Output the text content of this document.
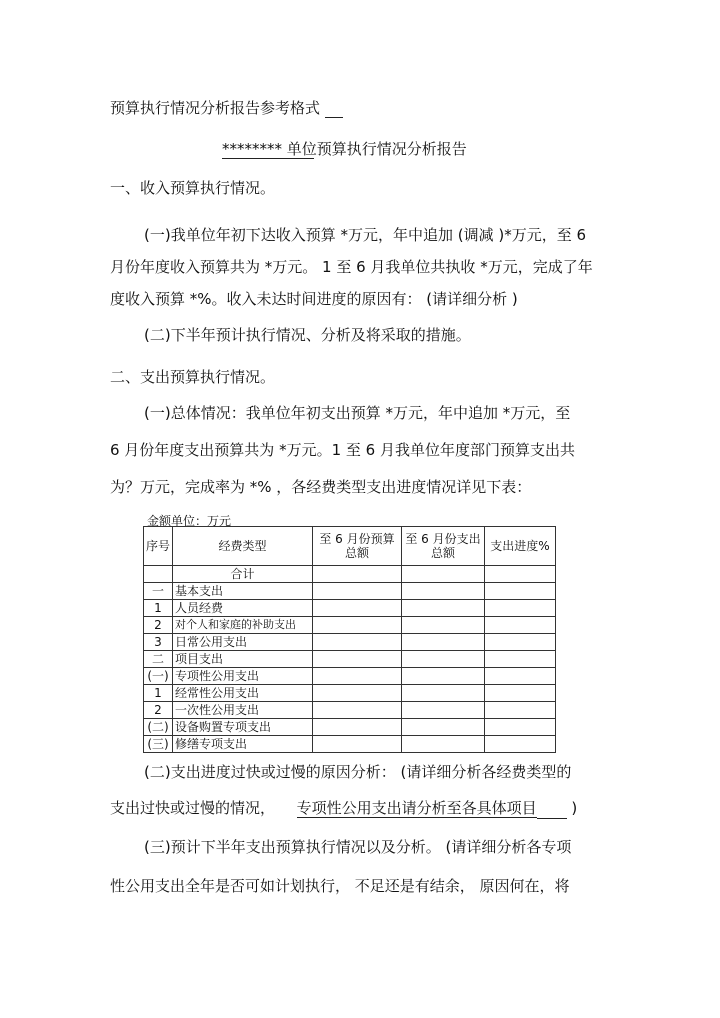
预算执行情况分析报告参考格式
******** 单位预算执行情况分析报告
一、收入预算执行情况。
(一)我单位年初下达收入预算 *万元，年中追加 (调减 )*万元，至 6
月份年度收入预算共为 *万元。 1 至 6 月我单位共执收 *万元，完成了年
度收入预算 *%。收入未达时间进度的原因有： (请详细分析 )
(二)下半年预计执行情况、分析及将采取的措施。
二、支出预算执行情况。
(一)总体情况：我单位年初支出预算 *万元，年中追加 *万元，至
6 月份年度支出预算共为 *万元。1 至 6 月我单位年度部门预算支出共
为？万元，完成率为 *% ，各经费类型支出进度情况详见下表：
金额单位：万元
序号	经费类型	至 6 月份预算总额	至 6 月份支出总额	支出进度%
	合计			
一	基本支出			
1	人员经费			
2	对个人和家庭的补助支出			
3	日常公用支出			
二	项目支出			
(一)	专项性公用支出			
1	经常性公用支出			
2	一次性公用支出			
(二)	设备购置专项支出			
(三)	修缮专项支出			
(二)支出进度过快或过慢的原因分析： (请详细分析各经费类型的
支出过快或过慢的情况， 专项性公用支出请分析至各具体项目 )
(三)预计下半年支出预算执行情况以及分析。 (请详细分析各专项
性公用支出全年是否可如计划执行， 不足还是有结余， 原因何在，将
